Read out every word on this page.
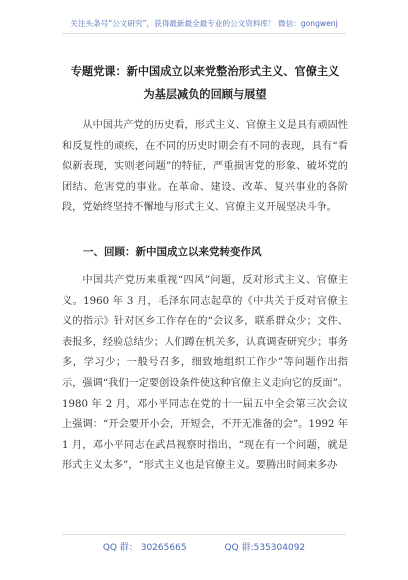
关注头条号“公文研究”，获得最新最全最专业的公文资料库！ 微信：gongwenj
专题党课：新中国成立以来党整治形式主义、官僚主义为基层减负的回顾与展望

从中国共产党的历史看，形式主义、官僚主义是具有顽固性和反复性的顽疾，在不同的历史时期会有不同的表现，具有“看似新表现，实则老问题”的特征，严重损害党的形象、破坏党的团结、危害党的事业。在革命、建设、改革、复兴事业的各阶段，党始终坚持不懈地与形式主义、官僚主义开展坚决斗争。

一、回顾：新中国成立以来党转变作风

中国共产党历来重视“四风”问题，反对形式主义、官僚主义。1960 年 3 月，毛泽东同志起草的《中共关于反对官僚主义的指示》针对区乡工作存在的“会议多，联系群众少；文件、表报多，经验总结少；人们蹲在机关多，认真调查研究少；事务多，学习少；一般号召多，细致地组织工作少”等问题作出指示，强调“我们一定要创设条件使这种官僚主义走向它的反面”。1980 年 2 月，邓小平同志在党的十一届五中全会第三次会议上强调：“开会要开小会，开短会，不开无准备的会”。1992 年 1 月，邓小平同志在武昌视察时指出，“现在有一个问题，就是形式主义太多”，“形式主义也是官僚主义。要腾出时间来多办

QQ 群： 30265665	QQ 群:535304092
